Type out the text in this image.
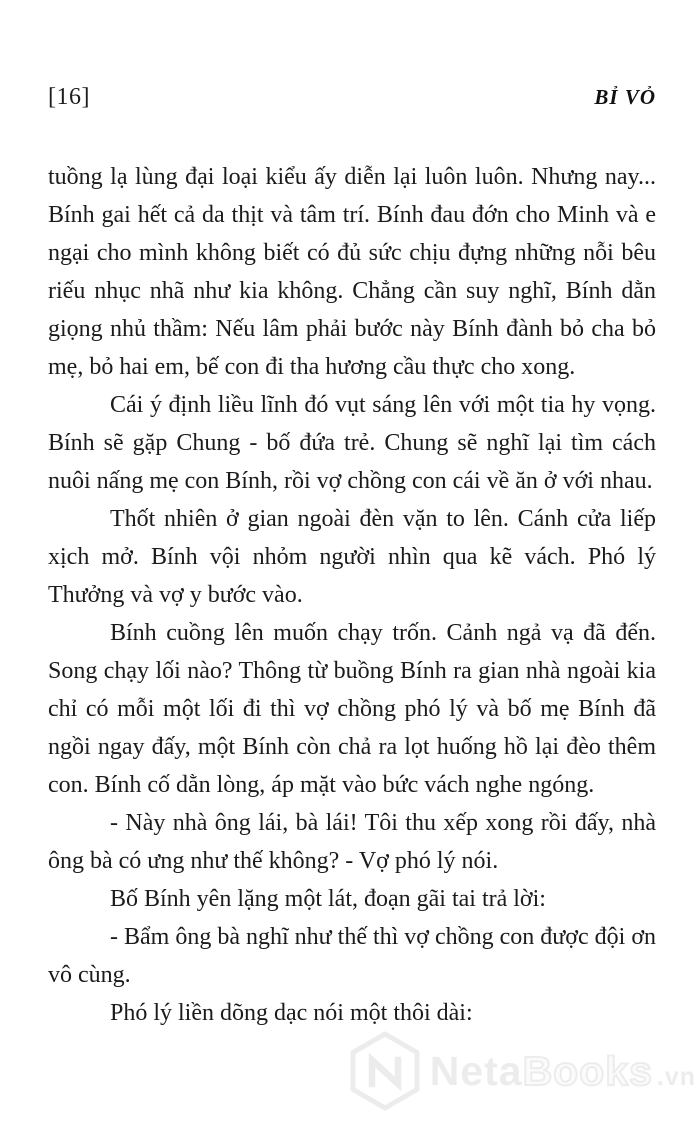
[16]	BỈ VỎ

tuồng lạ lùng đại loại kiểu ấy diễn lại luôn luôn. Nhưng nay... Bính gai hết cả da thịt và tâm trí. Bính đau đớn cho Minh và e ngại cho mình không biết có đủ sức chịu đựng những nỗi bêu riếu nhục nhã như kia không. Chẳng cần suy nghĩ, Bính dằn giọng nhủ thầm: Nếu lâm phải bước này Bính đành bỏ cha bỏ mẹ, bỏ hai em, bế con đi tha hương cầu thực cho xong.

Cái ý định liều lĩnh đó vụt sáng lên với một tia hy vọng. Bính sẽ gặp Chung - bố đứa trẻ. Chung sẽ nghĩ lại tìm cách nuôi nấng mẹ con Bính, rồi vợ chồng con cái về ăn ở với nhau.

Thốt nhiên ở gian ngoài đèn vặn to lên. Cánh cửa liếp xịch mở. Bính vội nhỏm người nhìn qua kẽ vách. Phó lý Thưởng và vợ y bước vào.

Bính cuồng lên muốn chạy trốn. Cảnh ngả vạ đã đến. Song chạy lối nào? Thông từ buồng Bính ra gian nhà ngoài kia chỉ có mỗi một lối đi thì vợ chồng phó lý và bố mẹ Bính đã ngồi ngay đấy, một Bính còn chả ra lọt huống hồ lại đèo thêm con. Bính cố dằn lòng, áp mặt vào bức vách nghe ngóng.

- Này nhà ông lái, bà lái! Tôi thu xếp xong rồi đấy, nhà ông bà có ưng như thế không? - Vợ phó lý nói.

Bố Bính yên lặng một lát, đoạn gãi tai trả lời:

- Bẩm ông bà nghĩ như thế thì vợ chồng con được đội ơn vô cùng.

Phó lý liền dõng dạc nói một thôi dài:

Neta Books .vn
